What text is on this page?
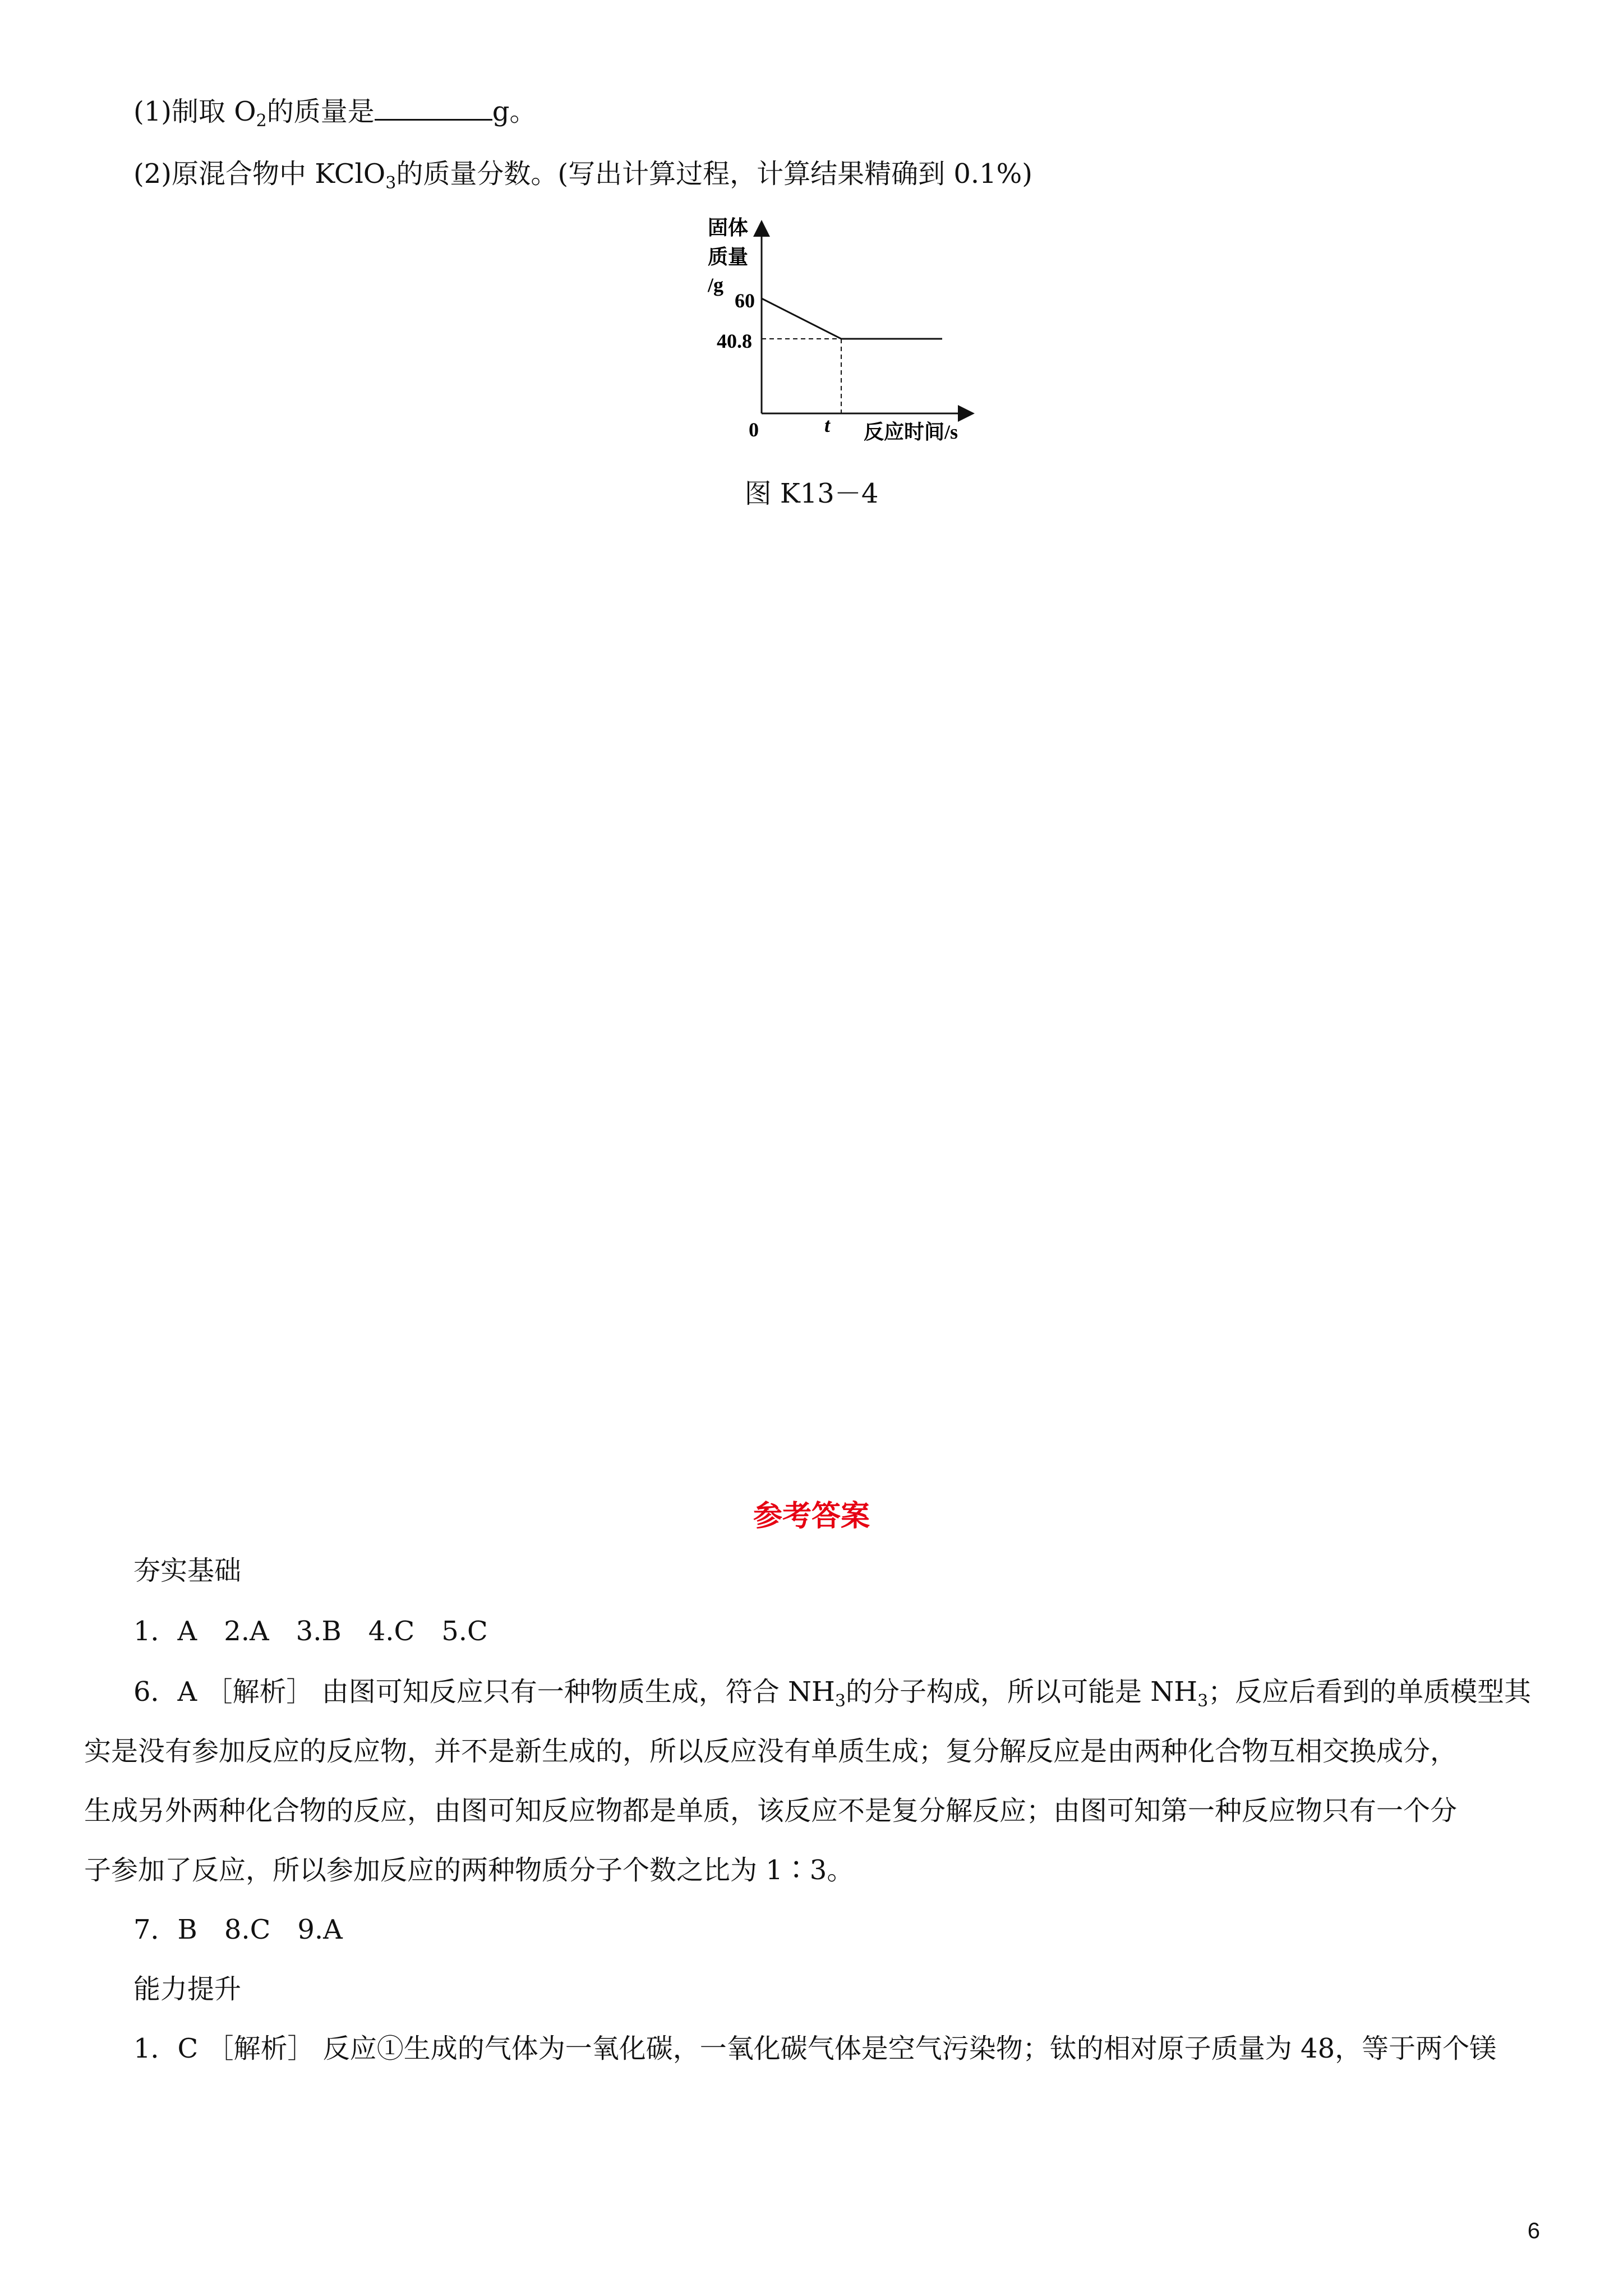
(1)制取 $O_2$的质量是	g。
(2)原混合物中 KClO$_3$的质量分数。(写出计算过程，计算结果精确到 0.1%)
固体
质量
/g
60
40.8
0	t 反应时间/s
图 K13－4
参考答案
夯实基础
1．A　2.A　3.B　4.C　5.C
6．A ［解析］ 由图可知反应只有一种物质生成，符合 $NH_3$的分子构成，所以可能是 $NH_3$；反应后看到的单质模型其
实是没有参加反应的反应物，并不是新生成的，所以反应没有单质生成；复分解反应是由两种化合物互相交换成分，
生成另外两种化合物的反应，由图可知反应物都是单质，该反应不是复分解反应；由图可知第一种反应物只有一个分
子参加了反应，所以参加反应的两种物质分子个数之比为 1∶3。
7．B　8.C　9.A
能力提升
1．C ［解析］ 反应①生成的气体为一氧化碳，一氧化碳气体是空气污染物；钛的相对原子质量为 48，等于两个镁
6
